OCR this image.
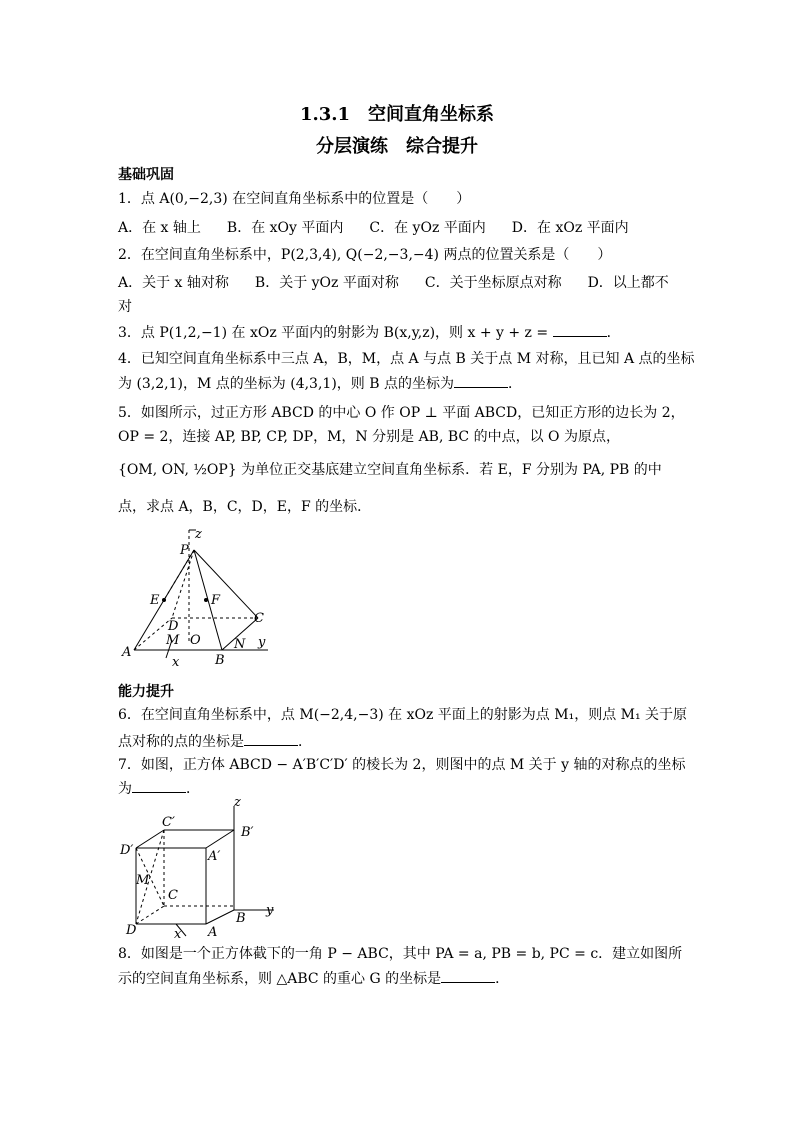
1.3.1　空间直角坐标系
分层演练　综合提升
基础巩固
1．点 A(0,−2,3) 在空间直角坐标系中的位置是（　　）
A．在 x 轴上 B．在 xOy 平面内 C．在 yOz 平面内 D．在 xOz 平面内
2．在空间直角坐标系中，P(2,3,4), Q(−2,−3,−4) 两点的位置关系是（　　）
A．关于 x 轴对称 B．关于 yOz 平面对称 C．关于坐标原点对称 D．以上都不
对
3．点 P(1,2,−1) 在 xOz 平面内的射影为 B(x,y,z)，则 x + y + z =	．
4．已知空间直角坐标系中三点 A，B，M，点 A 与点 B 关于点 M 对称，且已知 A 点的坐标
为 (3,2,1)，M 点的坐标为 (4,3,1)，则 B 点的坐标为	．
5．如图所示，过正方形 ABCD 的中心 O 作 OP ⊥ 平面 ABCD，已知正方形的边长为 2，
OP = 2，连接 AP, BP, CP, DP，M，N 分别是 AB, BC 的中点，以 O 为原点，
{OM, ON, ½OP} 为单位正交基底建立空间直角坐标系．若 E，F 分别为 PA, PB 的中
点，求点 A，B，C，D，E，F 的坐标．
P
z
E	F
C
D
M O	N y
A
B
x
能力提升
6．在空间直角坐标系中，点 M(−2,4,−3) 在 xOz 平面上的射影为点 M₁，则点 M₁ 关于原
点对称的点的坐标是	．
7．如图，正方体 ABCD − A′B′C′D′ 的棱长为 2，则图中的点 M 关于 y 轴的对称点的坐标
为	．
z
C′
B′
D′	A′
M
C
D
B
y
x A
8．如图是一个正方体截下的一角 P − ABC，其中 PA = a, PB = b, PC = c．建立如图所
示的空间直角坐标系，则 △ABC 的重心 G 的坐标是	．
